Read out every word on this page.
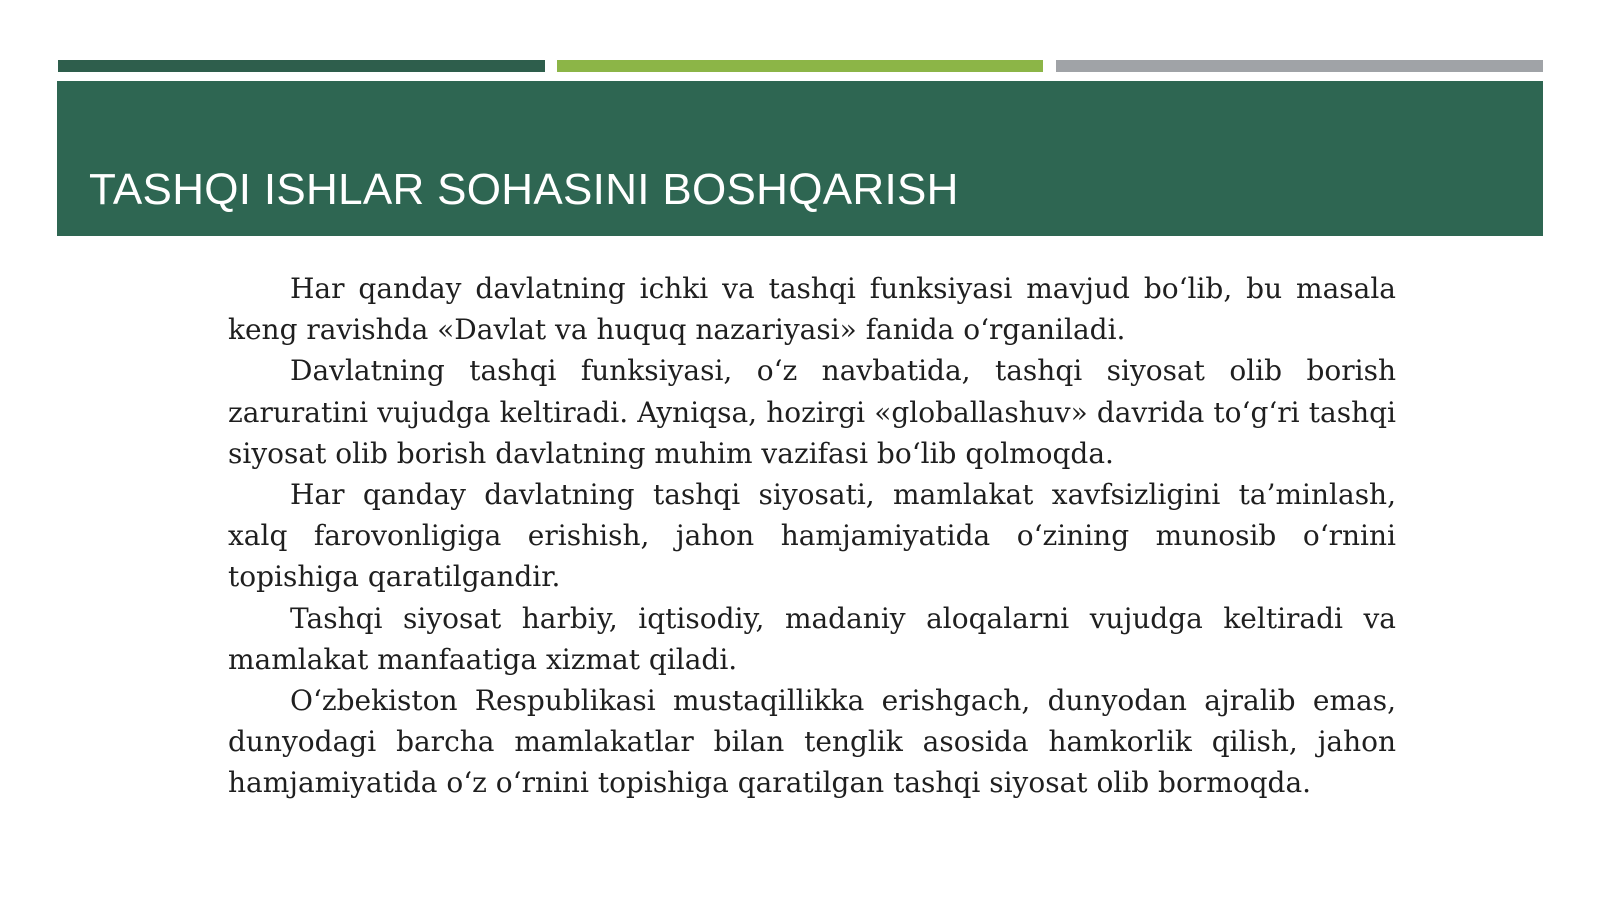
TASHQI ISHLAR SOHASINI BOSHQARISH

Har qanday davlatning ichki va tashqi funksiyasi mavjud bo‘lib, bu masala keng ravishda «Davlat va huquq nazariyasi» fanida o‘rganiladi.

Davlatning tashqi funksiyasi, o‘z navbatida, tashqi siyosat olib borish zaruratini vujudga keltiradi. Ayniqsa, hozirgi «globallashuv» davrida to‘g‘ri tashqi siyosat olib borish davlatning muhim vazifasi bo‘lib qolmoqda.

Har qanday davlatning tashqi siyosati, mamlakat xavfsizligini ta’minlash, xalq farovonligiga erishish, jahon hamjamiyatida o‘zining munosib o‘rnini topishiga qaratilgandir.

Tashqi siyosat harbiy, iqtisodiy, madaniy aloqalarni vujudga keltiradi va mamlakat manfaatiga xizmat qiladi.

O‘zbekiston Respublikasi mustaqillikka erishgach, dunyodan ajralib emas, dunyodagi barcha mamlakatlar bilan tenglik asosida hamkorlik qilish, jahon hamjamiyatida o‘z o‘rnini topishiga qaratilgan tashqi siyosat olib bormoqda.
